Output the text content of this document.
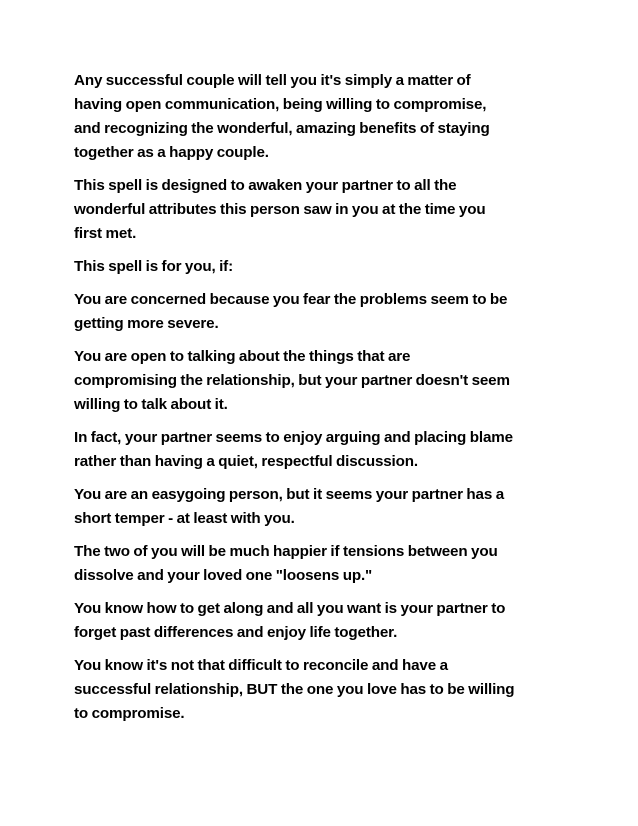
Any successful couple will tell you it's simply a matter of
having open communication, being willing to compromise,
and recognizing the wonderful, amazing benefits of staying
together as a happy couple.

This spell is designed to awaken your partner to all the
wonderful attributes this person saw in you at the time you
first met.

This spell is for you, if:

You are concerned because you fear the problems seem to be
getting more severe.

You are open to talking about the things that are
compromising the relationship, but your partner doesn't seem
willing to talk about it.

In fact, your partner seems to enjoy arguing and placing blame
rather than having a quiet, respectful discussion.

You are an easygoing person, but it seems your partner has a
short temper - at least with you.

The two of you will be much happier if tensions between you
dissolve and your loved one "loosens up."

You know how to get along and all you want is your partner to
forget past differences and enjoy life together.

You know it's not that difficult to reconcile and have a
successful relationship, BUT the one you love has to be willing
to compromise.
